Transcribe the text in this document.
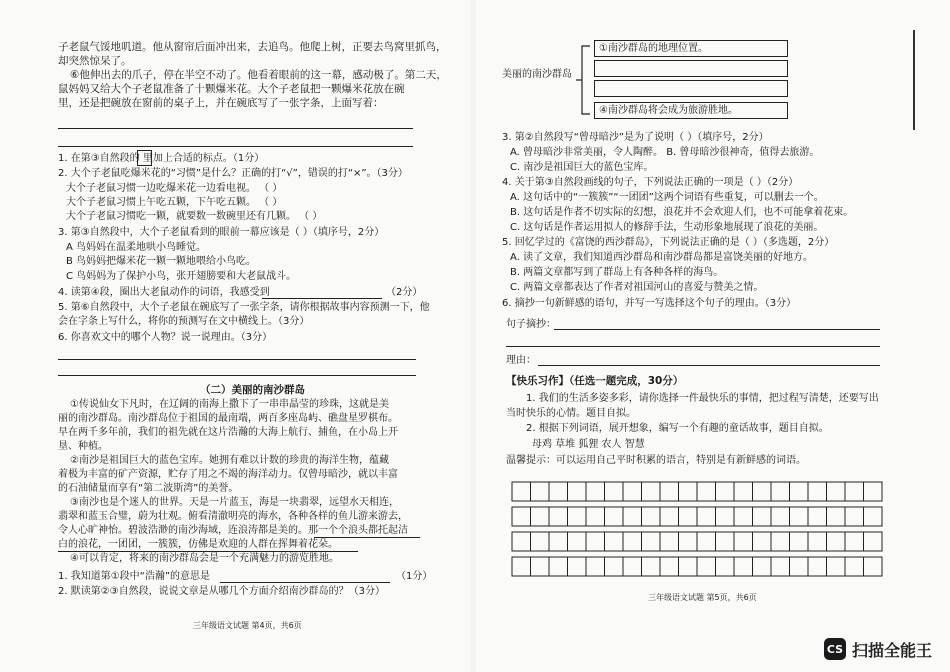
子老鼠气馁地叽道。他从窗帘后面冲出来，去追鸟。他爬上树，正要去鸟窝里抓鸟，
却突然惊呆了。
⑥他伸出去的爪子，停在半空不动了。他看着眼前的这一幕，感动极了。第二天，
鼠妈妈又给大个子老鼠准备了十颗爆米花。大个子老鼠把一颗爆米花放在碗
里，还是把碗放在窗前的桌子上，并在碗底写了一张字条，上面写着：
1. 在第③自然段的 里加上合适的标点。（1分）
2. 大个子老鼠吃爆米花的“习惯”是什么？正确的打“√”，错误的打“×”。（3分）
大个子老鼠习惯一边吃爆米花一边看电视。 （ ）
大个子老鼠习惯上午吃五颗，下午吃五颗。 （ ）
大个子老鼠习惯吃一颗，就要数一数碗里还有几颗。 （ ）
3. 第③自然段中，大个子老鼠看到的眼前一幕应该是（ ）（填序号，2分）
A 鸟妈妈在温柔地哄小鸟睡觉。
B 鸟妈妈把爆米花一颗一颗地喂给小鸟吃。
C 鸟妈妈为了保护小鸟，张开翅膀要和大老鼠战斗。
4. 读第④段，圈出大老鼠动作的词语，我感受到	（2分）
5. 第⑥自然段中，大个子老鼠在碗底写了一张字条，请你根据故事内容预测一下，他
会在字条上写什么，将你的预测写在文中横线上。（3分）
6. 你喜欢文中的哪个人物？说一说理由。（3分）
（二）美丽的南沙群岛
①传说仙女下凡时，在辽阔的南海上撒下了一串串晶莹的珍珠，这就是美
丽的南沙群岛。南沙群岛位于祖国的最南端，两百多座岛屿、礁盘星罗棋布。
早在两千多年前，我们的祖先就在这片浩瀚的大海上航行、捕鱼，在小岛上开
垦、种植。
②南沙是祖国巨大的蓝色宝库。她拥有难以计数的珍贵的海洋生物，蕴藏
着极为丰富的矿产资源，贮存了用之不竭的海洋动力。仅曾母暗沙，就以丰富
的石油储量而享有“第二波斯湾”的美誉。
③南沙也是个迷人的世界。天是一片蓝玉，海是一块翡翠，远望水天相连，
翡翠和蓝玉合璧，蔚为壮观。俯看清澈明亮的海水，各种各样的鱼儿游来游去，
令人心旷神怡。碧波浩渺的南沙海域，连浪涛都是美的。那一个个浪头都托起洁
白的浪花，一团团，一簇簇，仿佛是欢迎的人群在挥舞着花朵。
④可以肯定，将来的南沙群岛会是一个充满魅力的游览胜地。
1. 我知道第①段中“浩瀚”的意思是	（1分）
2. 默读第②③自然段，说说文章是从哪几个方面介绍南沙群岛的？（3分）
三年级语文试题 第4页，共6页
美丽的南沙群岛
①南沙群岛的地理位置。
④南沙群岛将会成为旅游胜地。
3. 第②自然段写“曾母暗沙”是为了说明（ ）（填序号，2分）
A. 曾母暗沙非常美丽，令人陶醉。 B. 曾母暗沙很神奇，值得去旅游。
C. 南沙是祖国巨大的蓝色宝库。
4. 关于第③自然段画线的句子，下列说法正确的一项是（ ）（2分）
A. 这句话中的“一簇簇”“一团团”这两个词语有些重复，可以删去一个。
B. 这句话是作者不切实际的幻想，浪花并不会欢迎人们，也不可能拿着花束。
C. 这句话是作者运用拟人的修辞手法，生动形象地展现了浪花的美丽。
5. 回忆学过的《富饶的西沙群岛》，下列说法正确的是（ ）（多选题，2分）
A. 读了文章，我们知道西沙群岛和南沙群岛都是富饶美丽的好地方。
B. 两篇文章都写到了群岛上有各种各样的海鸟。
C. 两篇文章都表达了作者对祖国河山的喜爱与赞美之情。
6. 摘抄一句新鲜感的语句，并写一写选择这个句子的理由。（3分）
句子摘抄：
理由：
【快乐习作】（任选一题完成，30分）
1. 我们的生活多姿多彩，请你选择一件最快乐的事情，把过程写清楚，还要写出
当时快乐的心情。题目自拟。
2. 根据下列词语，展开想象，编写一个有趣的童话故事，题目自拟。
母鸡 草堆 狐狸 农人 智慧
温馨提示：可以运用自己平时积累的语言，特别是有新鲜感的词语。
三年级语文试题 第5页，共6页
CS 扫描全能王
